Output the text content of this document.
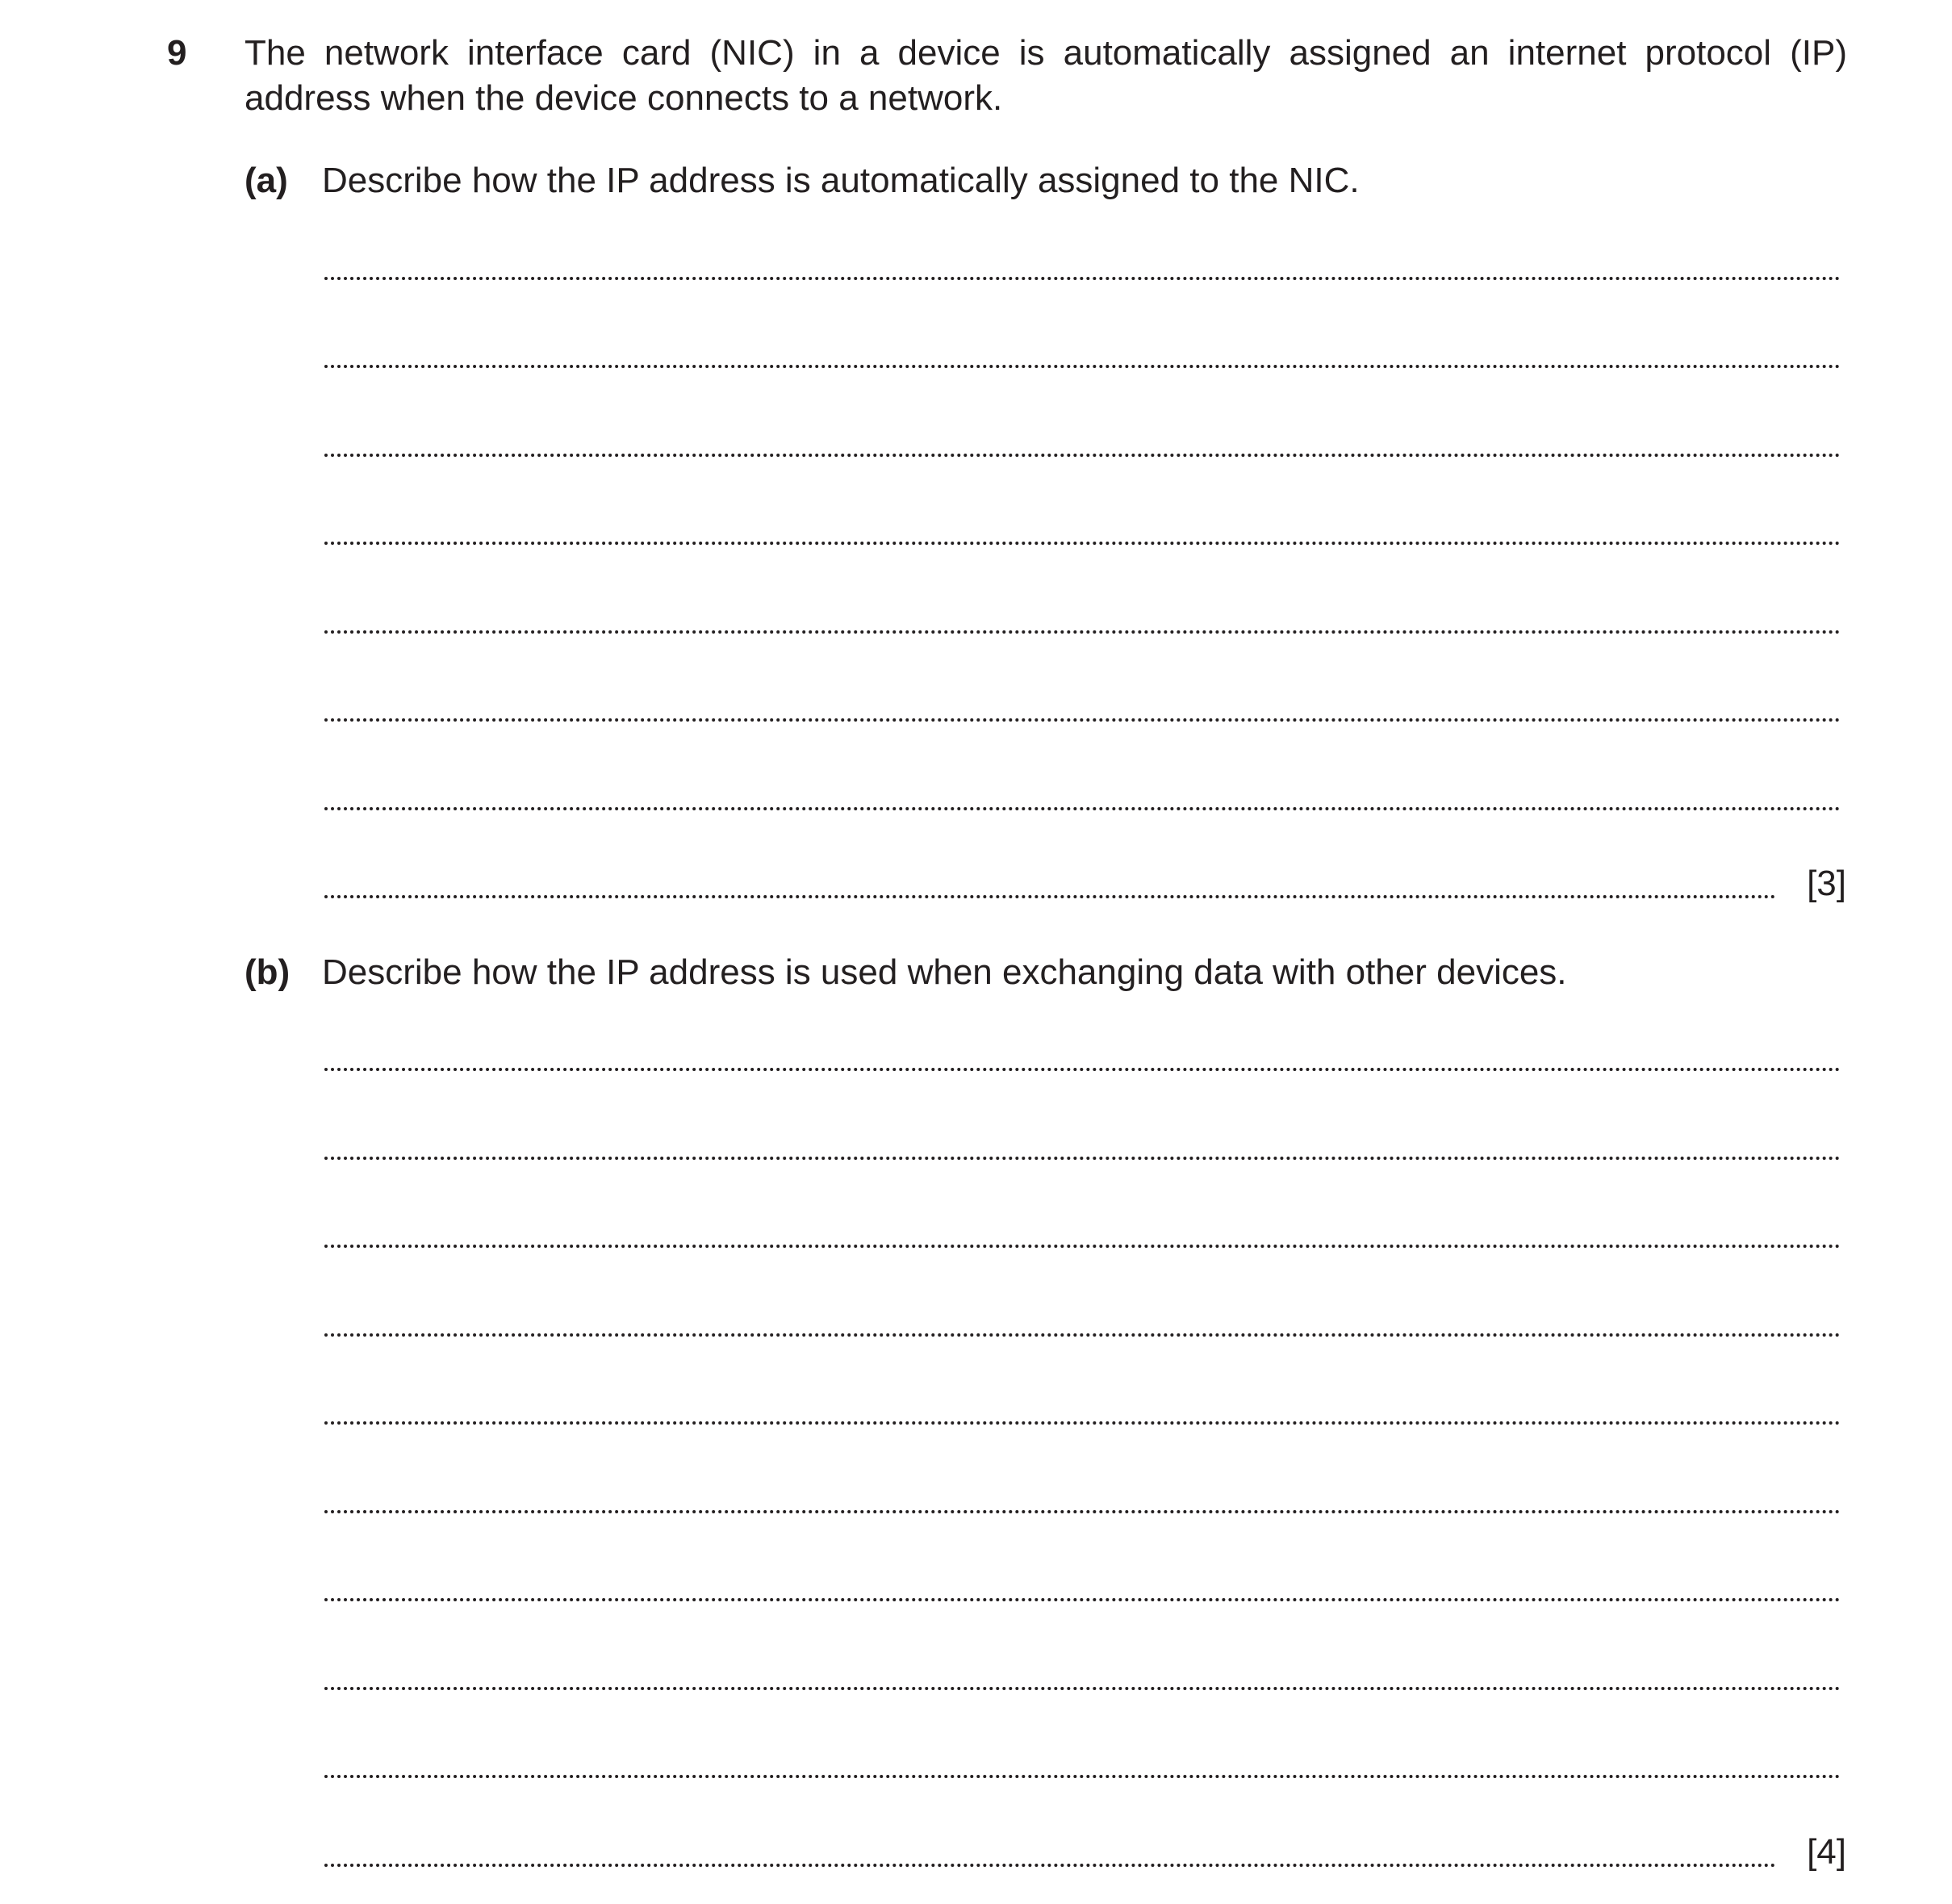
9 The network interface card (NIC) in a device is automatically assigned an internet protocol (IP) address when the device connects to a network.
(a) Describe how the IP address is automatically assigned to the NIC.
[3]
(b) Describe how the IP address is used when exchanging data with other devices.
[4]
